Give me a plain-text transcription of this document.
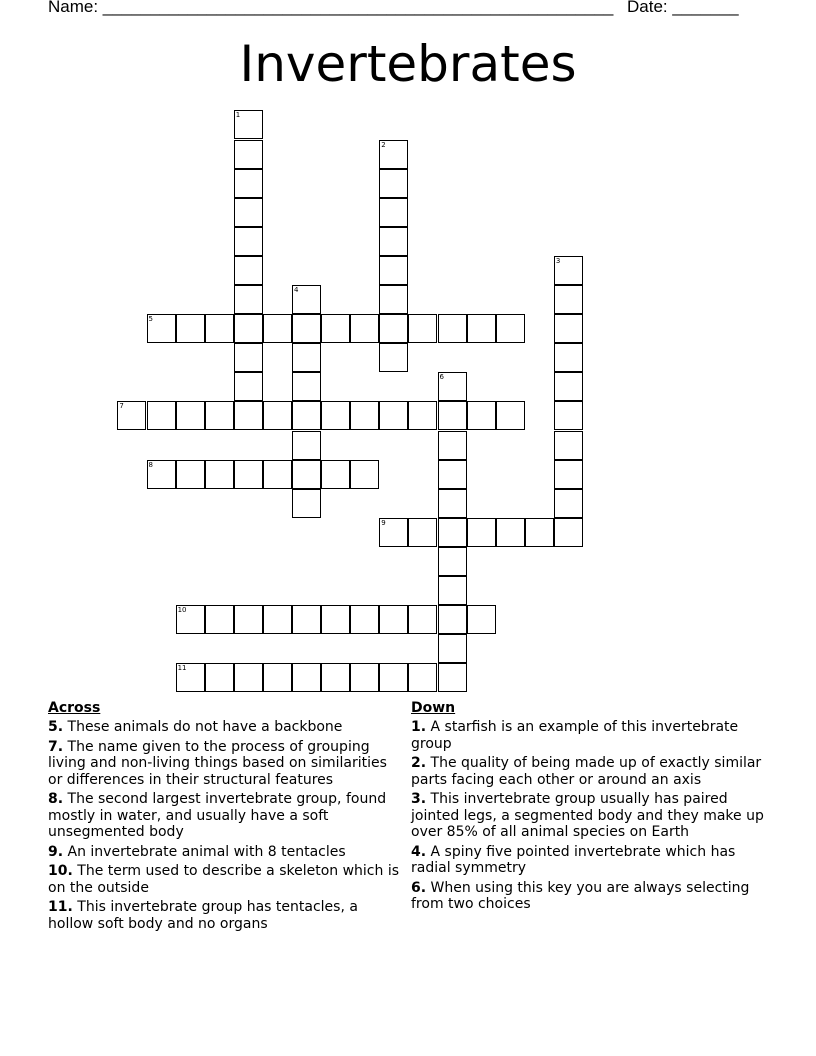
Name: ______________________________________________________ Date: _______
Invertebrates
1
2
3
4
5
6
7
8
9
10
11
Across
5. These animals do not have a backbone
7. The name given to the process of grouping living and non-living things based on similarities or differences in their structural features
8. The second largest invertebrate group, found mostly in water, and usually have a soft unsegmented body
9. An invertebrate animal with 8 tentacles
10. The term used to describe a skeleton which is on the outside
11. This invertebrate group has tentacles, a hollow soft body and no organs
Down
1. A starfish is an example of this invertebrate group
2. The quality of being made up of exactly similar parts facing each other or around an axis
3. This invertebrate group usually has paired jointed legs, a segmented body and they make up over 85% of all animal species on Earth
4. A spiny five pointed invertebrate which has radial symmetry
6. When using this key you are always selecting from two choices
